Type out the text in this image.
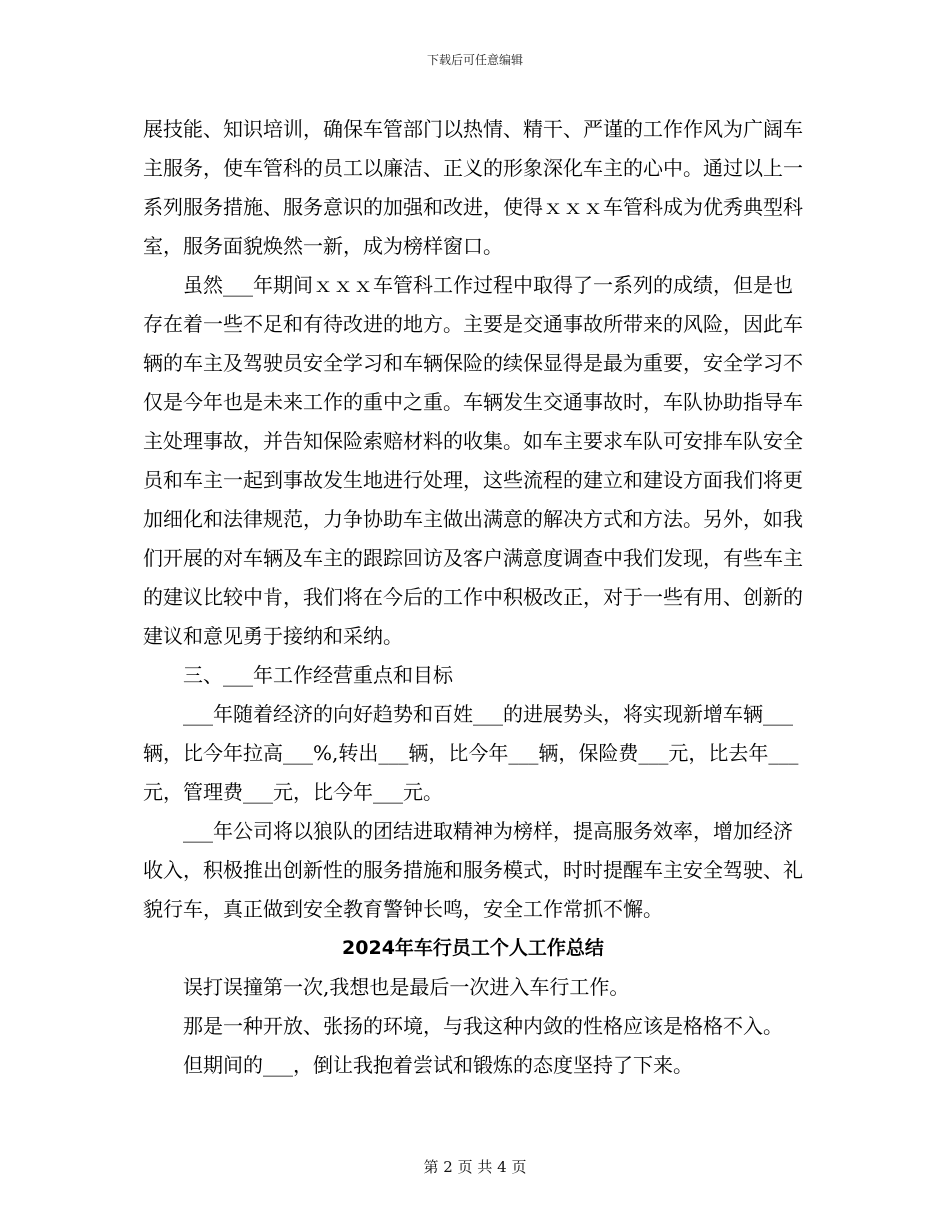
下载后可任意编辑

展技能、知识培训，确保车管部门以热情、精干、严谨的工作作风为广阔车主服务，使车管科的员工以廉洁、正义的形象深化车主的心中。通过以上一系列服务措施、服务意识的加强和改进，使得ｘｘｘ车管科成为优秀典型科室，服务面貌焕然一新，成为榜样窗口。

虽然___年期间ｘｘｘ车管科工作过程中取得了一系列的成绩，但是也存在着一些不足和有待改进的地方。主要是交通事故所带来的风险，因此车辆的车主及驾驶员安全学习和车辆保险的续保显得是最为重要，安全学习不仅是今年也是未来工作的重中之重。车辆发生交通事故时，车队协助指导车主处理事故，并告知保险索赔材料的收集。如车主要求车队可安排车队安全员和车主一起到事故发生地进行处理，这些流程的建立和建设方面我们将更加细化和法律规范，力争协助车主做出满意的解决方式和方法。另外，如我们开展的对车辆及车主的跟踪回访及客户满意度调查中我们发现，有些车主的建议比较中肯，我们将在今后的工作中积极改正，对于一些有用、创新的建议和意见勇于接纳和采纳。

三、___年工作经营重点和目标

___年随着经济的向好趋势和百姓___的进展势头，将实现新增车辆___辆，比今年拉高___%,转出___辆，比今年___辆，保险费___元，比去年___元，管理费___元，比今年___元。

___年公司将以狼队的团结进取精神为榜样，提高服务效率，增加经济收入，积极推出创新性的服务措施和服务模式，时时提醒车主安全驾驶、礼貌行车，真正做到安全教育警钟长鸣，安全工作常抓不懈。

2024年车行员工个人工作总结

误打误撞第一次,我想也是最后一次进入车行工作。

那是一种开放、张扬的环境，与我这种内敛的性格应该是格格不入。

但期间的___，倒让我抱着尝试和锻炼的态度坚持了下来。

第 2 页 共 4 页
